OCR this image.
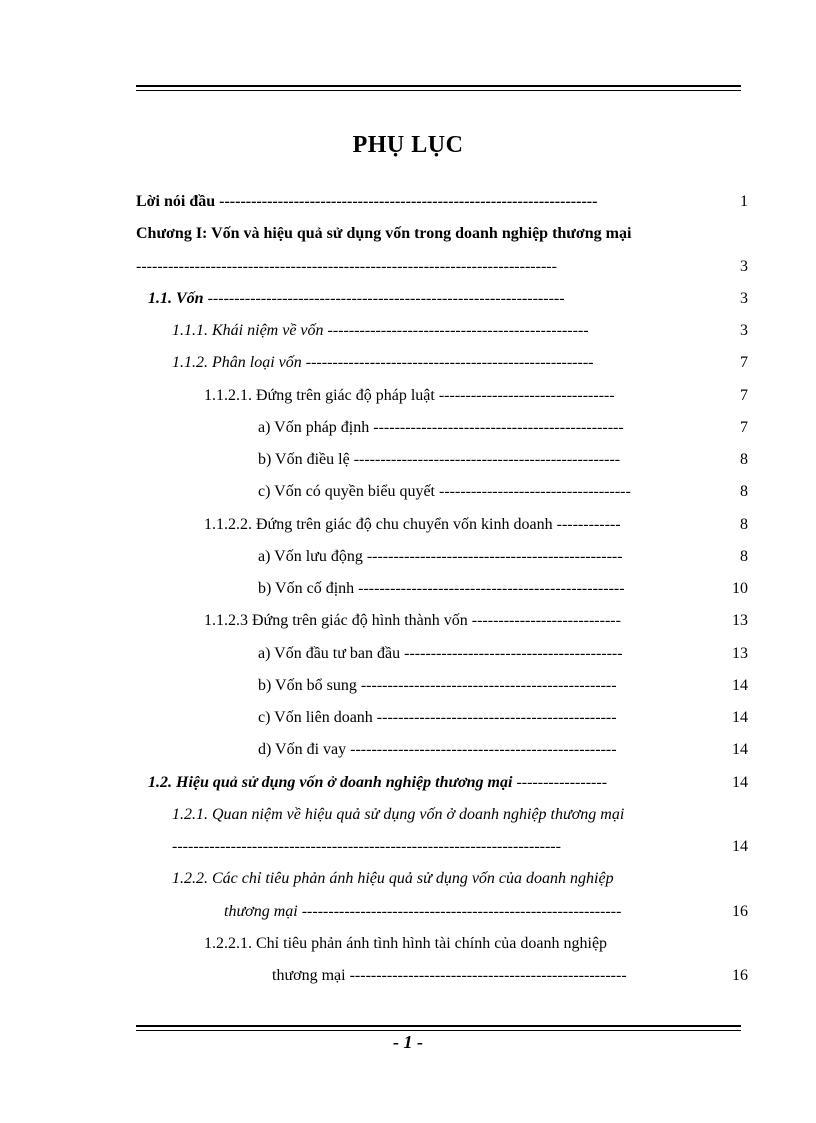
PHỤ LỤC
Lời nói đầu -----------------------------------------------------------------------	1
Chương I: Vốn và hiệu quả sử dụng vốn trong doanh nghiệp thương mại
-------------------------------------------------------------------------------	3
1.1. Vốn -------------------------------------------------------------------	3
1.1.1. Khái niệm về vốn -------------------------------------------------	3
1.1.2. Phân loại vốn ------------------------------------------------------	7
1.1.2.1. Đứng trên giác độ pháp luật ---------------------------------	7
a) Vốn pháp định -----------------------------------------------	7
b) Vốn điều lệ --------------------------------------------------	8
c) Vốn có quyền biểu quyết ------------------------------------	8
1.1.2.2. Đứng trên giác độ chu chuyển vốn kinh doanh ------------	8
a) Vốn lưu động ------------------------------------------------	8
b) Vốn cố định --------------------------------------------------	10
1.1.2.3 Đứng trên giác độ hình thành vốn ----------------------------	13
a) Vốn đầu tư ban đầu -----------------------------------------	13
b) Vốn bổ sung ------------------------------------------------	14
c) Vốn liên doanh ---------------------------------------------	14
d) Vốn đi vay --------------------------------------------------	14
1.2. Hiệu quả sử dụng vốn ở doanh nghiệp thương mại -----------------	14
1.2.1. Quan niệm về hiệu quả sử dụng vốn ở doanh nghiệp thương mại
-------------------------------------------------------------------------	14
1.2.2. Các chỉ tiêu phản ánh hiệu quả sử dụng vốn của doanh nghiệp
thương mại ------------------------------------------------------------	16
1.2.2.1. Chỉ tiêu phản ánh tình hình tài chính của doanh nghiệp
thương mại ----------------------------------------------------	16
- 1 -
